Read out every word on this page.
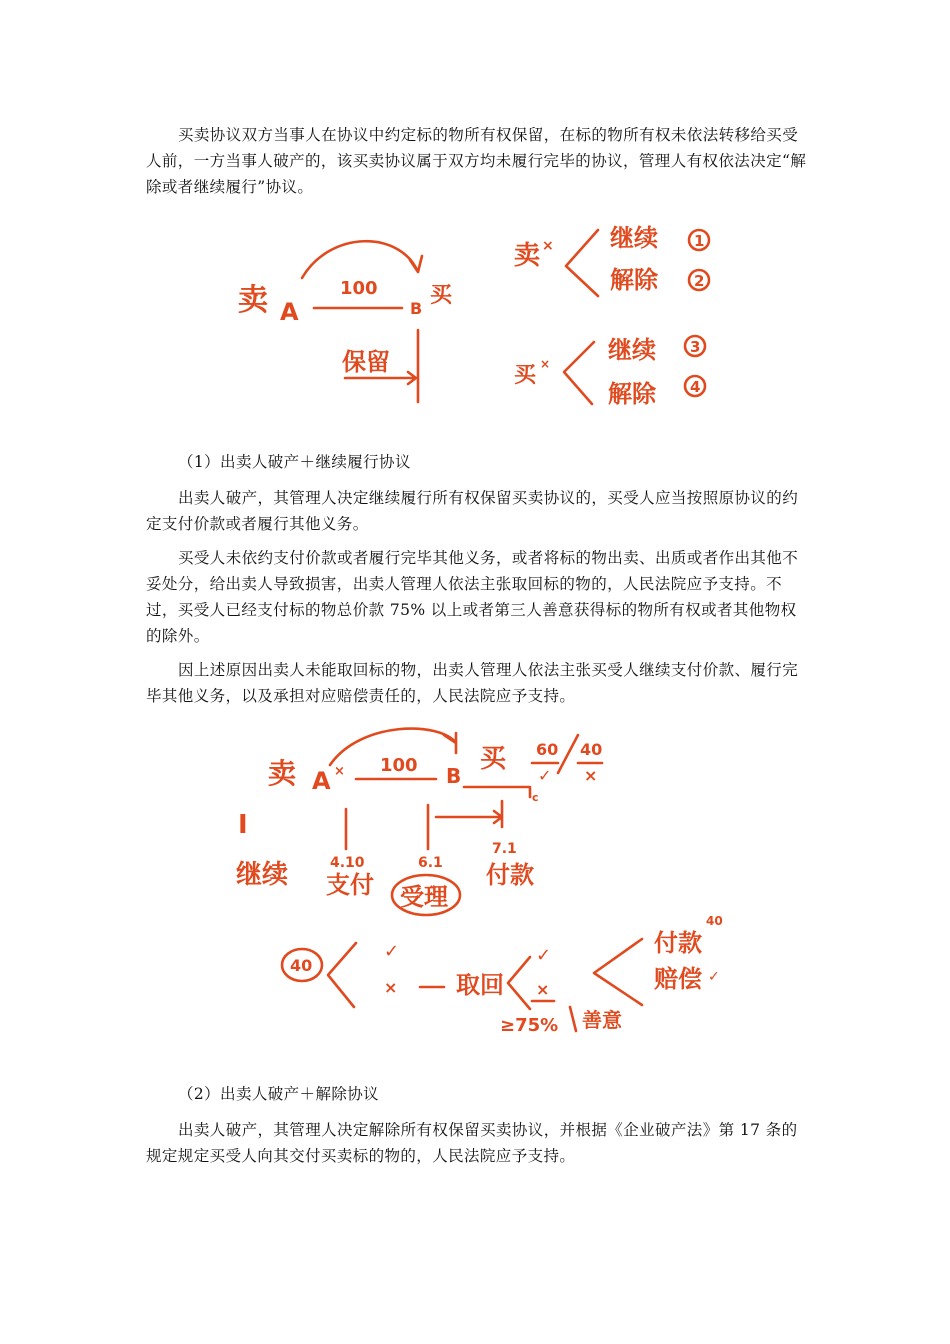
买卖协议双方当事人在协议中约定标的物所有权保留，在标的物所有权未依法转移给买受人前，一方当事人破产的，该买卖协议属于双方均未履行完毕的协议，管理人有权依法决定“解除或者继续履行”协议。

卖 A
100
B
买
保留
卖 × 继续
解除
1
2
买 × 继续
解除
3
4

（1）出卖人破产＋继续履行协议

出卖人破产，其管理人决定继续履行所有权保留买卖协议的，买受人应当按照原协议的约定支付价款或者履行其他义务。

买受人未依约支付价款或者履行完毕其他义务，或者将标的物出卖、出质或者作出其他不妥处分，给出卖人导致损害，出卖人管理人依法主张取回标的物的，人民法院应予支持。不过，买受人已经支付标的物总价款 75% 以上或者第三人善意获得标的物所有权或者其他物权的除外。

因上述原因出卖人未能取回标的物，出卖人管理人依法主张买受人继续支付价款、履行完毕其他义务，以及承担对应赔偿责任的，人民法院应予支持。

卖 A × 100 B
买 60 40
✓ ×
c
I
继续	4.10
支付
6.1
受理
7.1
付款
40
✓
× 取回
✓
×
≥75% 善意
付款
40
赔偿 ✓

（2）出卖人破产＋解除协议

出卖人破产，其管理人决定解除所有权保留买卖协议，并根据《企业破产法》第 17 条的规定规定买受人向其交付买卖标的物的，人民法院应予支持。
